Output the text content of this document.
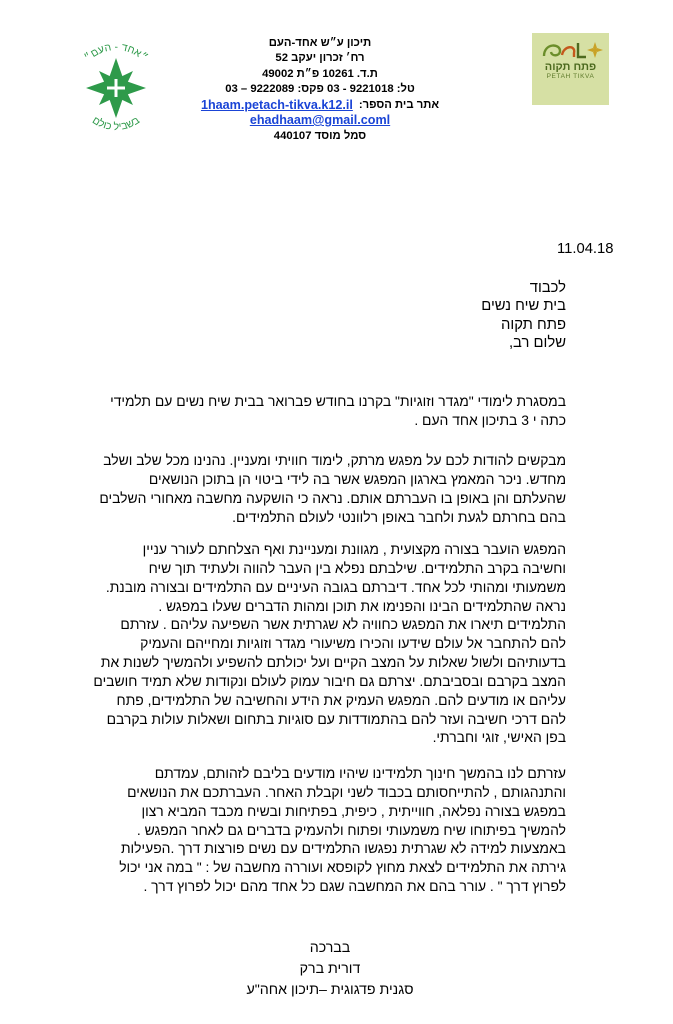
״אחד - העם״
בשביל כולם
תיכון ע״ש אחד-העם
רח׳ זכרון יעקב 52
ת.ד. 10261 פ״ת 49002
טל: 9221018 - 03 פקס: 9222089 – 03
אתר בית הספר:
1haam.petach-tikva.k12.il
ehadhaam@gmail.coml
סמל מוסד 440107
פתח תקוה
PETAH TIKVA
11.04.18
לכבוד
בית שיח נשים
פתח תקוה
שלום רב,
במסגרת לימודי "מגדר וזוגיות" בקרנו בחודש פברואר בבית שיח נשים עם תלמידי
כתה י 3 בתיכון אחד העם .
מבקשים להודות לכם על מפגש מרתק, לימוד חוויתי ומעניין. נהנינו מכל שלב ושלב
מחדש. ניכר המאמץ בארגון המפגש אשר בה לידי ביטוי הן בתוכן הנושאים
שהעלתם והן באופן בו העברתם אותם. נראה כי הושקעה מחשבה מאחורי השלבים
בהם בחרתם לגעת ולחבר באופן רלוונטי לעולם התלמידים.
המפגש הועבר בצורה מקצועית , מגוונת ומעניינת ואף הצלחתם לעורר עניין
וחשיבה בקרב התלמידים. שילבתם נפלא בין העבר להווה ולעתיד תוך שיח
משמעותי ומהותי לכל אחד. דיברתם בגובה העיניים עם התלמידים ובצורה מובנת.
נראה שהתלמידים הבינו והפנימו את תוכן ומהות הדברים שעלו במפגש .
התלמידים תיארו את המפגש כחוויה לא שגרתית אשר השפיעה עליהם . עזרתם
להם להתחבר אל עולם שידעו והכירו משיעורי מגדר וזוגיות ומחייהם והעמיק
בדעותיהם ולשול שאלות על המצב הקיים ועל יכולתם להשפיע ולהמשיך לשנות את
המצב בקרבם ובסביבתם. יצרתם גם חיבור עמוק לעולם ונקודות שלא תמיד חושבים
עליהם או מודעים להם. המפגש העמיק את הידע והחשיבה של התלמידים, פתח
להם דרכי חשיבה ועזר להם בהתמודדות עם סוגיות בתחום ושאלות עולות בקרבם
בפן האישי, זוגי וחברתי.
עזרתם לנו בהמשך חינוך תלמידינו שיהיו מודעים בליבם לזהותם, עמדתם
והתנהגותם , להתייחסותם בכבוד לשני וקבלת האחר. העברתכם את הנושאים
במפגש בצורה נפלאה, חווייתית , כיפית, בפתיחות ובשיח מכבד המביא רצון
להמשיך בפיתוחו שיח משמעותי ופתוח ולהעמיק בדברים גם לאחר המפגש .
באמצעות למידה לא שגרתית נפגשו התלמידים עם נשים פורצות דרך .הפעילות
גירתה את התלמידים לצאת מחוץ לקופסא ועוררה מחשבה של : " במה אני יכול
לפרוץ דרך " . עורר בהם את המחשבה שגם כל אחד מהם יכול לפרוץ דרך .
בברכה
דורית ברק
סגנית פדגוגית –תיכון אחה"ע
